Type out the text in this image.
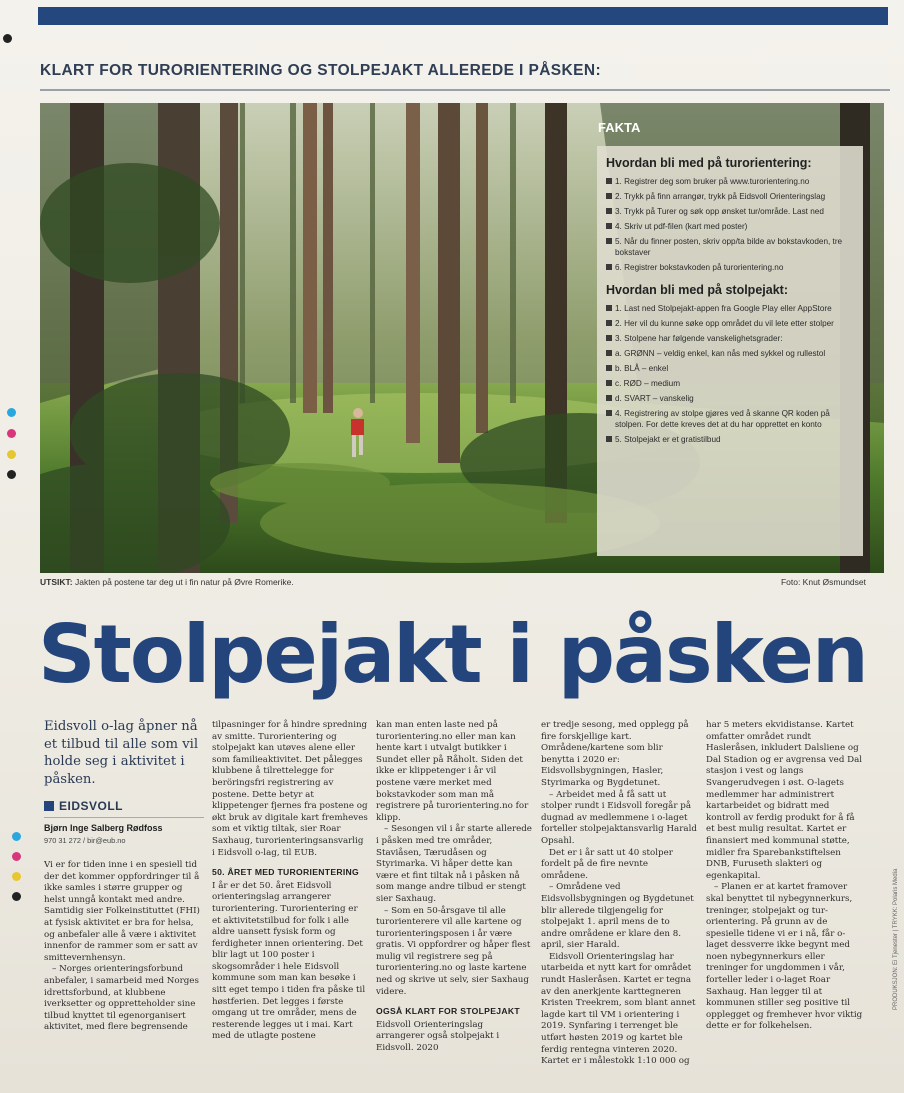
KLART FOR TURORIENTERING OG STOLPEJAKT ALLEREDE I PÅSKEN:
FAKTA
Hvordan bli med på turorientering:
1. Registrer deg som bruker på www.turorientering.no
2. Trykk på finn arrangør, trykk på Eidsvoll Orienteringslag
3. Trykk på Turer og søk opp ønsket tur/område. Last ned
4. Skriv ut pdf-filen (kart med poster)
5. Når du finner posten, skriv opp/ta bilde av bokstavkoden, tre bokstaver
6. Registrer bokstavkoden på turorientering.no
Hvordan bli med på stolpejakt:
1. Last ned Stolpejakt-appen fra Google Play eller AppStore
2. Her vil du kunne søke opp området du vil lete etter stolper
3. Stolpene har følgende vanskelighetsgrader:
a. GRØNN – veldig enkel, kan nås med sykkel og rullestol
b. BLÅ – enkel
c. RØD – medium
d. SVART – vanskelig
4. Registrering av stolpe gjøres ved å skanne QR koden på stolpen. For dette kreves det at du har opprettet en konto
5. Stolpejakt er et gratistilbud
UTSIKT: Jakten på postene tar deg ut i fin natur på Øvre Romerike.	Foto: Knut Øsmundset
Stolpejakt i påsken
Eidsvoll o-lag åpner nå et tilbud til alle som vil holde seg i aktivitet i påsken.
EIDSVOLL
Bjørn Inge Salberg Rødfoss
970 31 272 / bir@eub.no

Vi er for tiden inne i en spesiell tid der det kommer oppfordringer til å ikke samles i større grupper og helst unngå kontakt med andre. Samtidig sier Folkeinstituttet (FHI) at fysisk aktivitet er bra for helsa, og anbefaler alle å være i aktivitet innenfor de rammer som er satt av smittevernhensyn.

– Norges orienteringsforbund anbefaler, i samarbeid med Norges idrettsforbund, at klubbene iverksetter og oppretteholder sine tilbud knyttet til egenorganisert aktivitet, med flere begrensende

tilpasninger for å hindre spredning av smitte. Turorientering og stolpejakt kan utøves alene eller som familieaktivitet. Det pålegges klubbene å tilrettelegge for beröringsfri registrering av postene. Dette betyr at klippetenger fjernes fra postene og økt bruk av digitale kart fremheves som et viktig tiltak, sier Roar Saxhaug, turorienteringsansvarlig i Eidsvoll o-lag, til EUB.

50. ÅRET MED TURORIENTERING

I år er det 50. året Eidsvoll orienteringslag arrangerer turorientering. Turorientering er et aktivitetstilbud for folk i alle aldre uansett fysisk form og ferdigheter innen orientering. Det blir lagt ut 100 poster i skogsområder i hele Eidsvoll kommune som man kan besøke i sitt eget tempo i tiden fra påske til høstferien. Det legges i første omgang ut tre områder, mens de resterende legges ut i mai. Kart med de utlagte postene

kan man enten laste ned på turorientering.no eller man kan hente kart i utvalgt butikker i Sundet eller på Råholt. Siden det ikke er klippetenger i år vil postene være merket med bokstavkoder som man må registrere på turorientering.no for klipp.

– Sesongen vil i år starte allerede i påsken med tre områder, Staviåsen, Tærudåsen og Styrimarka. Vi håper dette kan være et fint tiltak nå i påsken nå som mange andre tilbud er stengt sier Saxhaug.

– Som en 50-årsgave til alle turorienterere vil alle kartene og turorienteringsposen i år være gratis. Vi oppfordrer og håper flest mulig vil registrere seg på turorientering.no og laste kartene ned og skrive ut selv, sier Saxhaug videre.

OGSÅ KLART FOR STOLPEJAKT

Eidsvoll Orienteringslag arrangerer også stolpejakt i Eidsvoll. 2020

er tredje sesong, med opplegg på fire forskjellige kart. Områdene/kartene som blir benytta i 2020 er: Eidsvollsbygningen, Hasler, Styrimarka og Bygdetunet.

– Arbeidet med å få satt ut stolper rundt i Eidsvoll foregår på dugnad av medlemmene i o-laget forteller stolpejaktansvarlig Harald Opsahl.

Det er i år satt ut 40 stolper fordelt på de fire nevnte områdene.

– Områdene ved Eidsvollsbygningen og Bygdetunet blir allerede tilgjengelig for stolpejakt 1. april mens de to andre områdene er klare den 8. april, sier Harald.

Eidsvoll Orienteringslag har utarbeida et nytt kart for området rundt Hasleråsen. Kartet er tegna av den anerkjente karttegneren Kristen Treekrem, som blant annet lagde kart til VM i orientering i 2019. Synfaring i terrenget ble utført høsten 2019 og kartet ble ferdig rentegna vinteren 2020. Kartet er i målestokk 1:10 000 og

har 5 meters ekvidistanse. Kartet omfatter området rundt Hasleråsen, inkludert Dalsliene og Dal Stadion og er avgrensa ved Dal stasjon i vest og langs Svangerudvegen i øst. O-lagets medlemmer har administrert kartarbeidet og bidratt med kontroll av ferdig produkt for å få et best mulig resultat. Kartet er finansiert med kommunal støtte, midler fra Sparebankstiftelsen DNB, Furuseth slakteri og egenkapital.

– Planen er at kartet framover skal benyttet til nybegynnerkurs, treninger, stolpejakt og tur-orientering. På grunn av de spesielle tidene vi er i nå, får o-laget dessverre ikke begynt med noen nybegynnerkurs eller treninger for ungdommen i vår, forteller leder i o-laget Roar Saxhaug. Han legger til at kommunen stiller seg positive til opplegget og fremhever hvor viktig dette er for folkehelsen.

PRODUKSJON: Ei Tjenester | TRYKK: Polaris Media
